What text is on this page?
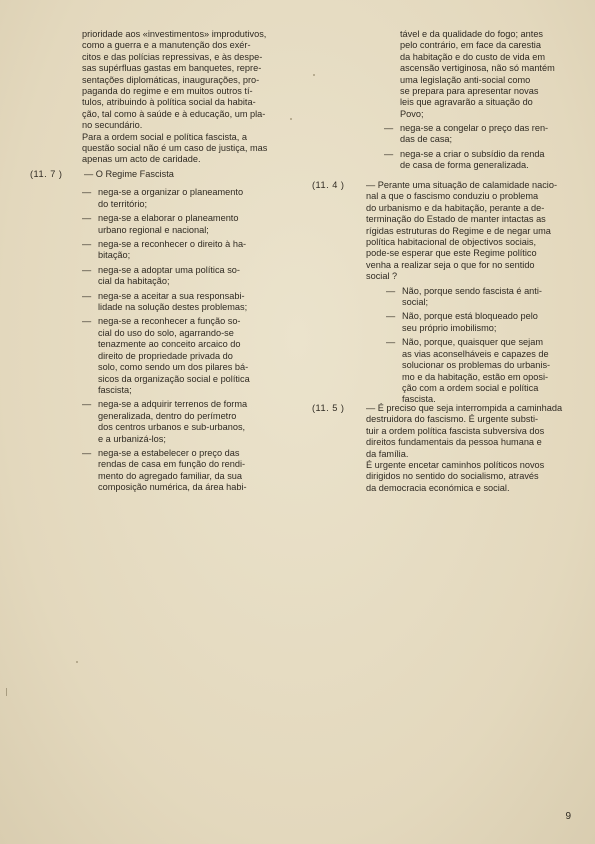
prioridade aos «investimentos» improdutivos,

como a guerra e a manutenção dos exér-

citos e das polícias repressivas, e às despe-

sas supérfluas gastas em banquetes, repre-

sentações diplomáticas, inaugurações, pro-

paganda do regime e em muitos outros tí-

tulos, atribuindo à política social da habita-

ção, tal como à saúde e à educação, um pla-

no secundário.

Para a ordem social e política fascista, a

questão social não é um caso de justiça, mas

apenas um acto de caridade.

(11. 7 )	— O Regime Fascista
— nega-se a organizar o planeamento

do território;

— nega-se a elaborar o planeamento

urbano regional e nacional;

— nega-se a reconhecer o direito à ha-

bitação;

— nega-se a adoptar uma política so-

cial da habitação;

— nega-se a aceitar a sua responsabi-

lidade na solução destes problemas;

— nega-se a reconhecer a função so-

cial do uso do solo, agarrando-se

tenazmente ao conceito arcaico do

direito de propriedade privada do

solo, como sendo um dos pilares bá-

sicos da organização social e política

fascista;

— nega-se a adquirir terrenos de forma

generalizada, dentro do perímetro

dos centros urbanos e sub-urbanos,

e a urbanizá-los;

— nega-se a estabelecer o preço das

rendas de casa em função do rendi-

mento do agregado familiar, da sua

composição numérica, da área habi-

tável e da qualidade do fogo; antes

pelo contrário, em face da carestia

da habitação e do custo de vida em

ascensão vertiginosa, não só mantém

uma legislação anti-social como

se prepara para apresentar novas

leis que agravarão a situação do

Povo;

— nega-se a congelar o preço das ren-

das de casa;

— nega-se a criar o subsídio da renda

de casa de forma generalizada.

(11. 4 )	— Perante uma situação de calamidade nacio-

nal a que o fascismo conduziu o problema

do urbanismo e da habitação, perante a de-

terminação do Estado de manter intactas as

rígidas estruturas do Regime e de negar uma

política habitacional de objectivos sociais,

pode-se esperar que este Regime político

venha a realizar seja o que for no sentido

social ?

— Não, porque sendo fascista é anti-

social;

— Não, porque está bloqueado pelo

seu próprio imobilismo;

— Não, porque, quaisquer que sejam

as vias aconselháveis e capazes de

solucionar os problemas do urbanis-

mo e da habitação, estão em oposi-

ção com a ordem social e política

fascista.

(11. 5 )	— É preciso que seja interrompida a caminhada

destruidora do fascismo. É urgente substi-

tuir a ordem política fascista subversiva dos

direitos fundamentais da pessoa humana e

da família.

É urgente encetar caminhos políticos novos

dirigidos no sentido do socialismo, através

da democracia económica e social.

9
